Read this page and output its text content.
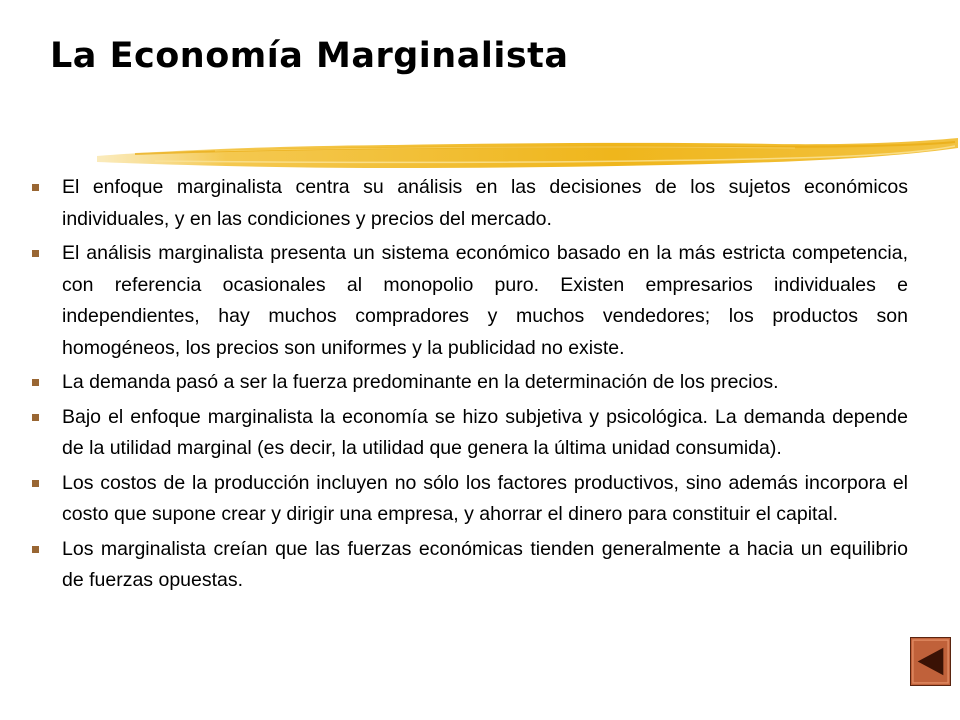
La Economía Marginalista
El enfoque marginalista centra su análisis en las decisiones de los sujetos económicos individuales, y en las condiciones y precios del mercado.
El análisis marginalista presenta un sistema económico basado en la más estricta competencia, con referencia ocasionales al monopolio puro. Existen empresarios individuales e independientes, hay muchos compradores y muchos vendedores; los productos son homogéneos, los precios son uniformes y la publicidad no existe.
La demanda pasó a ser la fuerza predominante en la determinación de los precios.
Bajo el enfoque marginalista la economía se hizo subjetiva y psicológica. La demanda depende de la utilidad marginal (es decir, la utilidad que genera la última unidad consumida).
Los costos de la producción incluyen no sólo los factores productivos, sino además incorpora el costo que supone crear y dirigir una empresa, y ahorrar el dinero para constituir el capital.
Los marginalista creían que las fuerzas económicas tienden generalmente a hacia un equilibrio de fuerzas opuestas.
